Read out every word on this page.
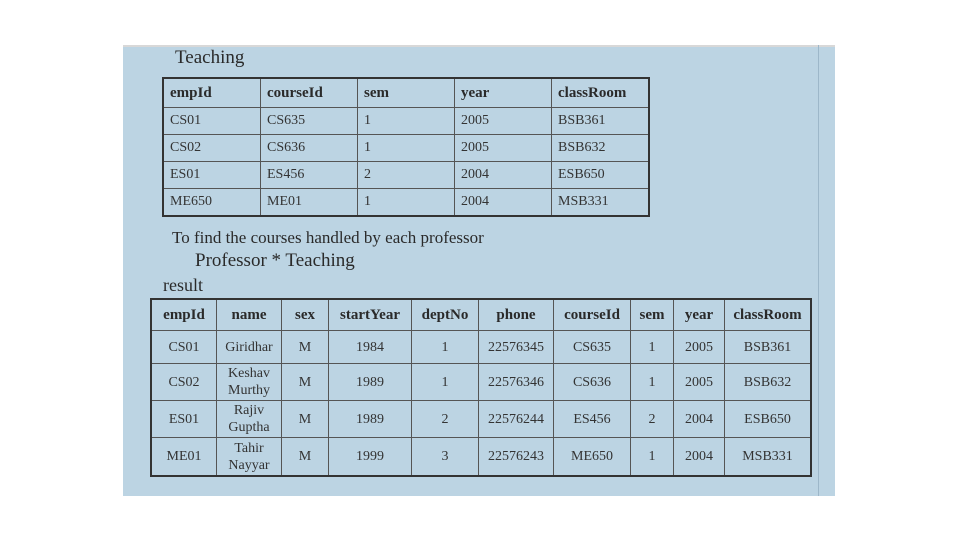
Teaching
empId	courseId	sem	year	classRoom
CS01	CS635	1	2005	BSB361
CS02	CS636	1	2005	BSB632
ES01	ES456	2	2004	ESB650
ME650	ME01	1	2004	MSB331
To find the courses handled by each professor
Professor * Teaching
result
empId	name	sex	startYear	deptNo	phone	courseId	sem	year	classRoom
CS01	Giridhar	M	1984	1	22576345	CS635	1	2005	BSB361
CS02	Keshav Murthy	M	1989	1	22576346	CS636	1	2005	BSB632
ES01	Rajiv Guptha	M	1989	2	22576244	ES456	2	2004	ESB650
ME01	Tahir Nayyar	M	1999	3	22576243	ME650	1	2004	MSB331
